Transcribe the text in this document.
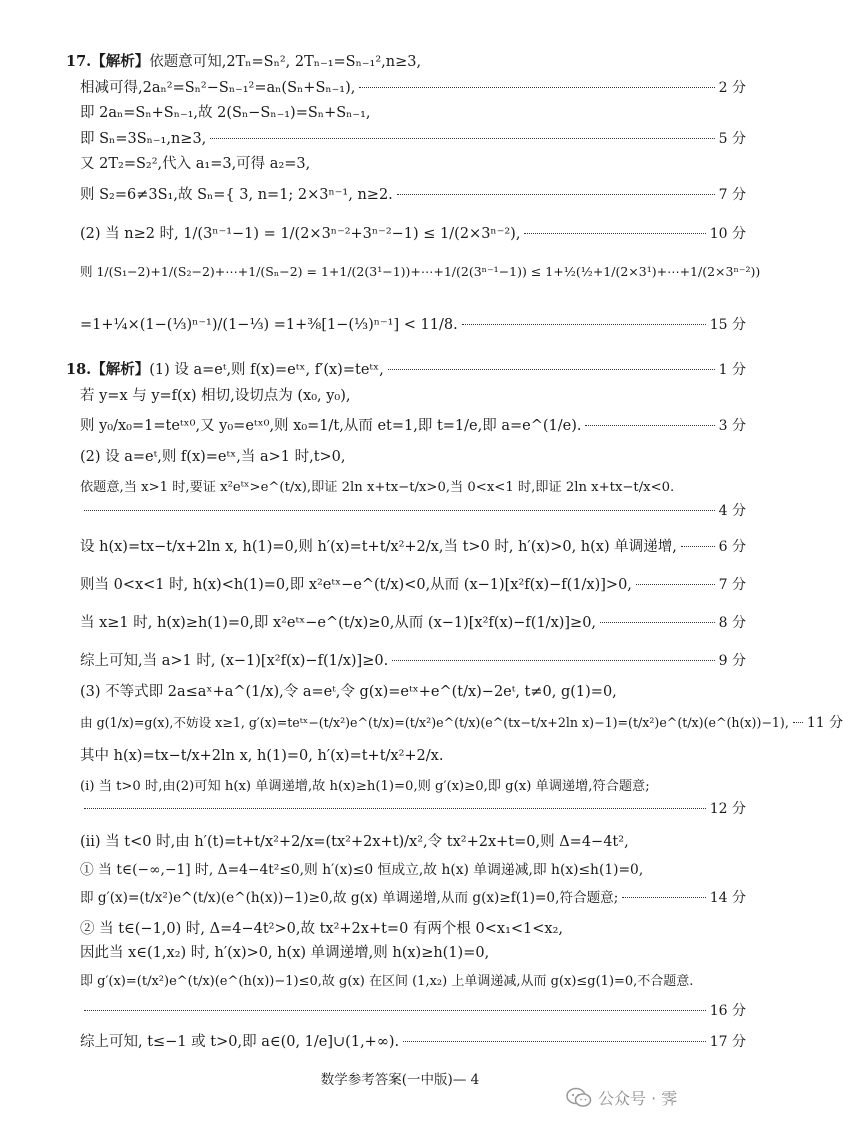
17.【解析】依题意可知,2Tₙ=Sₙ², 2Tₙ₋₁=Sₙ₋₁²,n≥3,
相减可得,2aₙ²=Sₙ²−Sₙ₋₁²=aₙ(Sₙ+Sₙ₋₁),	2 分
即 2aₙ=Sₙ+Sₙ₋₁,故 2(Sₙ−Sₙ₋₁)=Sₙ+Sₙ₋₁,
即 Sₙ=3Sₙ₋₁,n≥3,	5 分
又 2T₂=S₂²,代入 a₁=3,可得 a₂=3,
则 S₂=6≠3S₁,故 Sₙ={ 3, n=1; 2×3ⁿ⁻¹, n≥2.	7 分
(2) 当 n≥2 时, 1/(3ⁿ⁻¹−1) = 1/(2×3ⁿ⁻²+3ⁿ⁻²−1) ≤ 1/(2×3ⁿ⁻²),	10 分
则 1/(S₁−2)+1/(S₂−2)+⋯+1/(Sₙ−2) = 1+1/(2(3¹−1))+⋯+1/(2(3ⁿ⁻¹−1)) ≤ 1+½(½+1/(2×3¹)+⋯+1/(2×3ⁿ⁻²))
=1+¼×(1−(⅓)ⁿ⁻¹)/(1−⅓) =1+⅜[1−(⅓)ⁿ⁻¹] < 11/8.	15 分
18.【解析】(1) 设 a=eᵗ,则 f(x)=eᵗˣ, f′(x)=teᵗˣ,	1 分
若 y=x 与 y=f(x) 相切,设切点为 (x₀, y₀),
则 y₀/x₀=1=teᵗˣ⁰,又 y₀=eᵗˣ⁰,则 x₀=1/t,从而 et=1,即 t=1/e,即 a=e^(1/e).	3 分
(2) 设 a=eᵗ,则 f(x)=eᵗˣ,当 a>1 时,t>0,
依题意,当 x>1 时,要证 x²eᵗˣ>e^(t/x),即证 2ln x+tx−t/x>0,当 0<x<1 时,即证 2ln x+tx−t/x<0.
4 分
设 h(x)=tx−t/x+2ln x, h(1)=0,则 h′(x)=t+t/x²+2/x,当 t>0 时, h′(x)>0, h(x) 单调递增,	6 分
则当 0<x<1 时, h(x)<h(1)=0,即 x²eᵗˣ−e^(t/x)<0,从而 (x−1)[x²f(x)−f(1/x)]>0,	7 分
当 x≥1 时, h(x)≥h(1)=0,即 x²eᵗˣ−e^(t/x)≥0,从而 (x−1)[x²f(x)−f(1/x)]≥0,	8 分
综上可知,当 a>1 时, (x−1)[x²f(x)−f(1/x)]≥0.	9 分
(3) 不等式即 2a≤aˣ+a^(1/x),令 a=eᵗ,令 g(x)=eᵗˣ+e^(t/x)−2eᵗ, t≠0, g(1)=0,
由 g(1/x)=g(x),不妨设 x≥1, g′(x)=teᵗˣ−(t/x²)e^(t/x)=(t/x²)e^(t/x)(e^(tx−t/x+2ln x)−1)=(t/x²)e^(t/x)(e^(h(x))−1), 11 分
其中 h(x)=tx−t/x+2ln x, h(1)=0, h′(x)=t+t/x²+2/x.
(i) 当 t>0 时,由(2)可知 h(x) 单调递增,故 h(x)≥h(1)=0,则 g′(x)≥0,即 g(x) 单调递增,符合题意;
12 分
(ii) 当 t<0 时,由 h′(t)=t+t/x²+2/x=(tx²+2x+t)/x²,令 tx²+2x+t=0,则 Δ=4−4t²,
① 当 t∈(−∞,−1] 时, Δ=4−4t²≤0,则 h′(x)≤0 恒成立,故 h(x) 单调递减,即 h(x)≤h(1)=0,
即 g′(x)=(t/x²)e^(t/x)(e^(h(x))−1)≥0,故 g(x) 单调递增,从而 g(x)≥f(1)=0,符合题意;	14 分
② 当 t∈(−1,0) 时, Δ=4−4t²>0,故 tx²+2x+t=0 有两个根 0<x₁<1<x₂,
因此当 x∈(1,x₂) 时, h′(x)>0, h(x) 单调递增,则 h(x)≥h(1)=0,
即 g′(x)=(t/x²)e^(t/x)(e^(h(x))−1)≤0,故 g(x) 在区间 (1,x₂) 上单调递减,从而 g(x)≤g(1)=0,不合题意.
16 分
综上可知, t≤−1 或 t>0,即 a∈(0, 1/e]∪(1,+∞).	17 分
数学参考答案(一中版)— 4
公众号 · 霁
